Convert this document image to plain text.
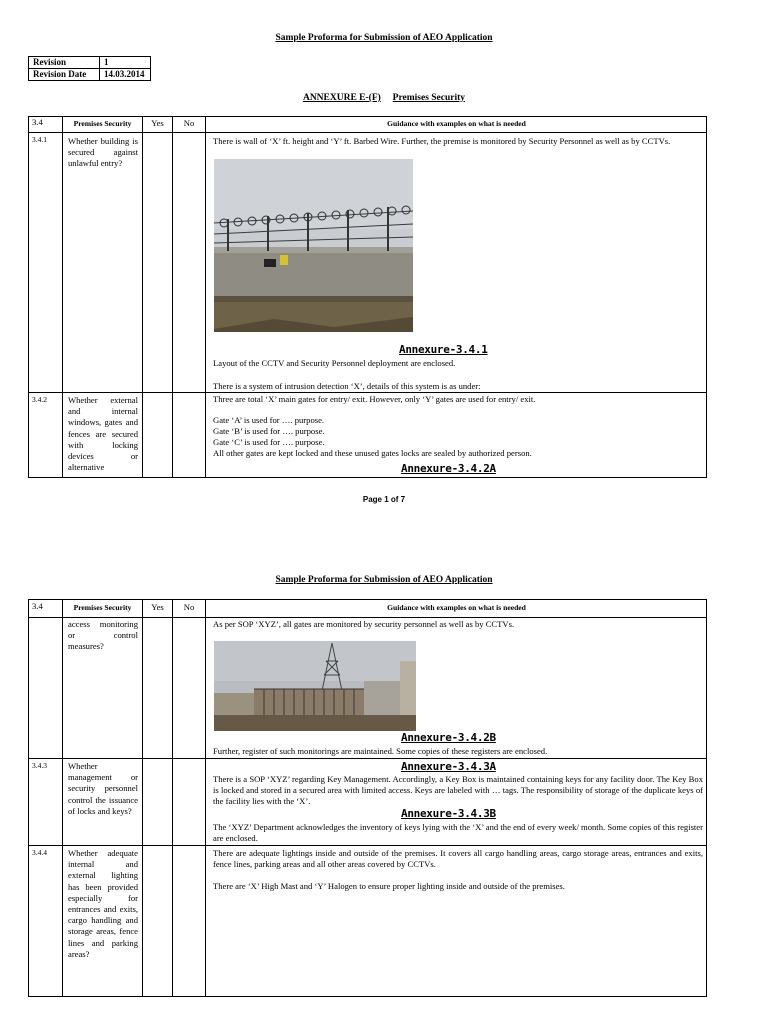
Sample Proforma for Submission of AEO Application
Revision	1
Revision Date	14.03.2014
ANNEXURE E-(F) Premises Security
3.4	Premises Security	Yes	No	Guidance with examples on what is needed
3.4.1 Whether building is secured against unlawful entry?
There is wall of ‘X’ ft. height and ‘Y’ ft. Barbed Wire. Further, the premise is monitored by Security Personnel as well as by CCTVs.
Annexure-3.4.1
Layout of the CCTV and Security Personnel deployment are enclosed.
There is a system of intrusion detection ‘X’, details of this system is as under:
3.4.2 Whether external and internal windows, gates and fences are secured with locking devices or alternative
Three are total ‘X’ main gates for entry/ exit. However, only ‘Y’ gates are used for entry/ exit.
Gate ‘A’ is used for …. purpose.
Gate ‘B’ is used for …. purpose.
Gate ‘C’ is used for …. purpose.
All other gates are kept locked and these unused gates locks are sealed by authorized person.
Annexure-3.4.2A
Page 1 of 7
Sample Proforma for Submission of AEO Application
3.4	Premises Security	Yes	No	Guidance with examples on what is needed
access monitoring or control measures?
As per SOP ‘XYZ’, all gates are monitored by security personnel as well as by CCTVs.
Annexure-3.4.2B
Further, register of such monitorings are maintained. Some copies of these registers are enclosed.
3.4.3 Whether management or security personnel control the issuance of locks and keys?
Annexure-3.4.3A
There is a SOP ‘XYZ’ regarding Key Management. Accordingly, a Key Box is maintained containing keys for any facility door. The Key Box is locked and stored in a secured area with limited access. Keys are labeled with … tags. The responsibility of storage of the duplicate keys of the facility lies with the ‘X’.
Annexure-3.4.3B
The ‘XYZ’ Department acknowledges the inventory of keys lying with the ‘X’ and the end of every week/ month. Some copies of this register are enclosed.
3.4.4 Whether adequate internal and external lighting has been provided especially for entrances and exits, cargo handling and storage areas, fence lines and parking areas?
There are adequate lightings inside and outside of the premises. It covers all cargo handling areas, cargo storage areas, entrances and exits, fence lines, parking areas and all other areas covered by CCTVs.
There are ‘X’ High Mast and ‘Y’ Halogen to ensure proper lighting inside and outside of the premises.
